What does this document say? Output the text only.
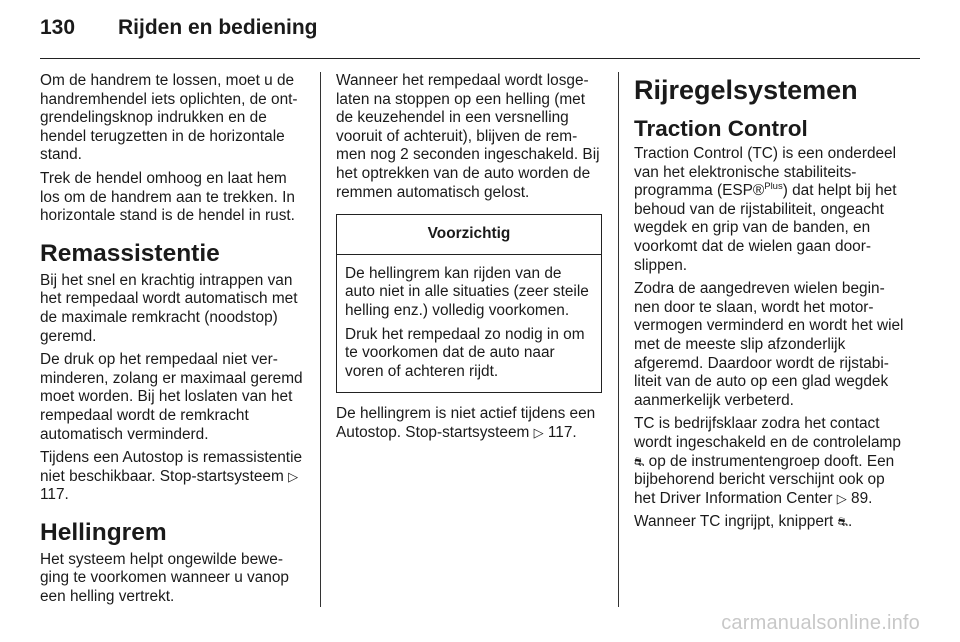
130 Rijden en bediening

Om de handrem te lossen, moet u de handremhendel iets oplichten, de ontgrendelingsknop indrukken en de hendel terugzetten in de horizontale stand.

Trek de hendel omhoog en laat hem los om de handrem aan te trekken. In horizontale stand is de hendel in rust.

Remassistentie

Bij het snel en krachtig intrappen van het rempedaal wordt automatisch met de maximale remkracht (noodstop) geremd.

De druk op het rempedaal niet verminderen, zolang er maximaal geremd moet worden. Bij het loslaten van het rempedaal wordt de remkracht automatisch verminderd.

Tijdens een Autostop is remassistentie niet beschikbaar. Stop-startsysteem ▷ 117.

Hellingrem

Het systeem helpt ongewilde beweging te voorkomen wanneer u vanop een helling vertrekt.

Wanneer het rempedaal wordt losgelaten na stoppen op een helling (met de keuzehendel in een versnelling vooruit of achteruit), blijven de remmen nog 2 seconden ingeschakeld. Bij het optrekken van de auto worden de remmen automatisch gelost.

Voorzichtig

De hellingrem kan rijden van de auto niet in alle situaties (zeer steile helling enz.) volledig voorkomen.

Druk het rempedaal zo nodig in om te voorkomen dat de auto naar voren of achteren rijdt.

De hellingrem is niet actief tijdens een Autostop. Stop-startsysteem ▷ 117.

Rijregelsystemen
Traction Control

Traction Control (TC) is een onderdeel van het elektronische stabiliteitsprogramma (ESP®$^{Plus}$) dat helpt bij het behoud van de rijstabiliteit, ongeacht wegdek en grip van de banden, en voorkomt dat de wielen gaan doorslippen.

Zodra de aangedreven wielen beginnen door te slaan, wordt het motorvermogen verminderd en wordt het wiel met de meeste slip afzonderlijk afgeremd. Daardoor wordt de rijstabiliteit van de auto op een glad wegdek aanmerkelijk verbeterd.

TC is bedrijfsklaar zodra het contact wordt ingeschakeld en de controlelamp ⛐ op de instrumentengroep dooft. Een bijbehorend bericht verschijnt ook op het Driver Information Center ▷ 89.

Wanneer TC ingrijpt, knippert ⛐.

carmanualsonline.info
